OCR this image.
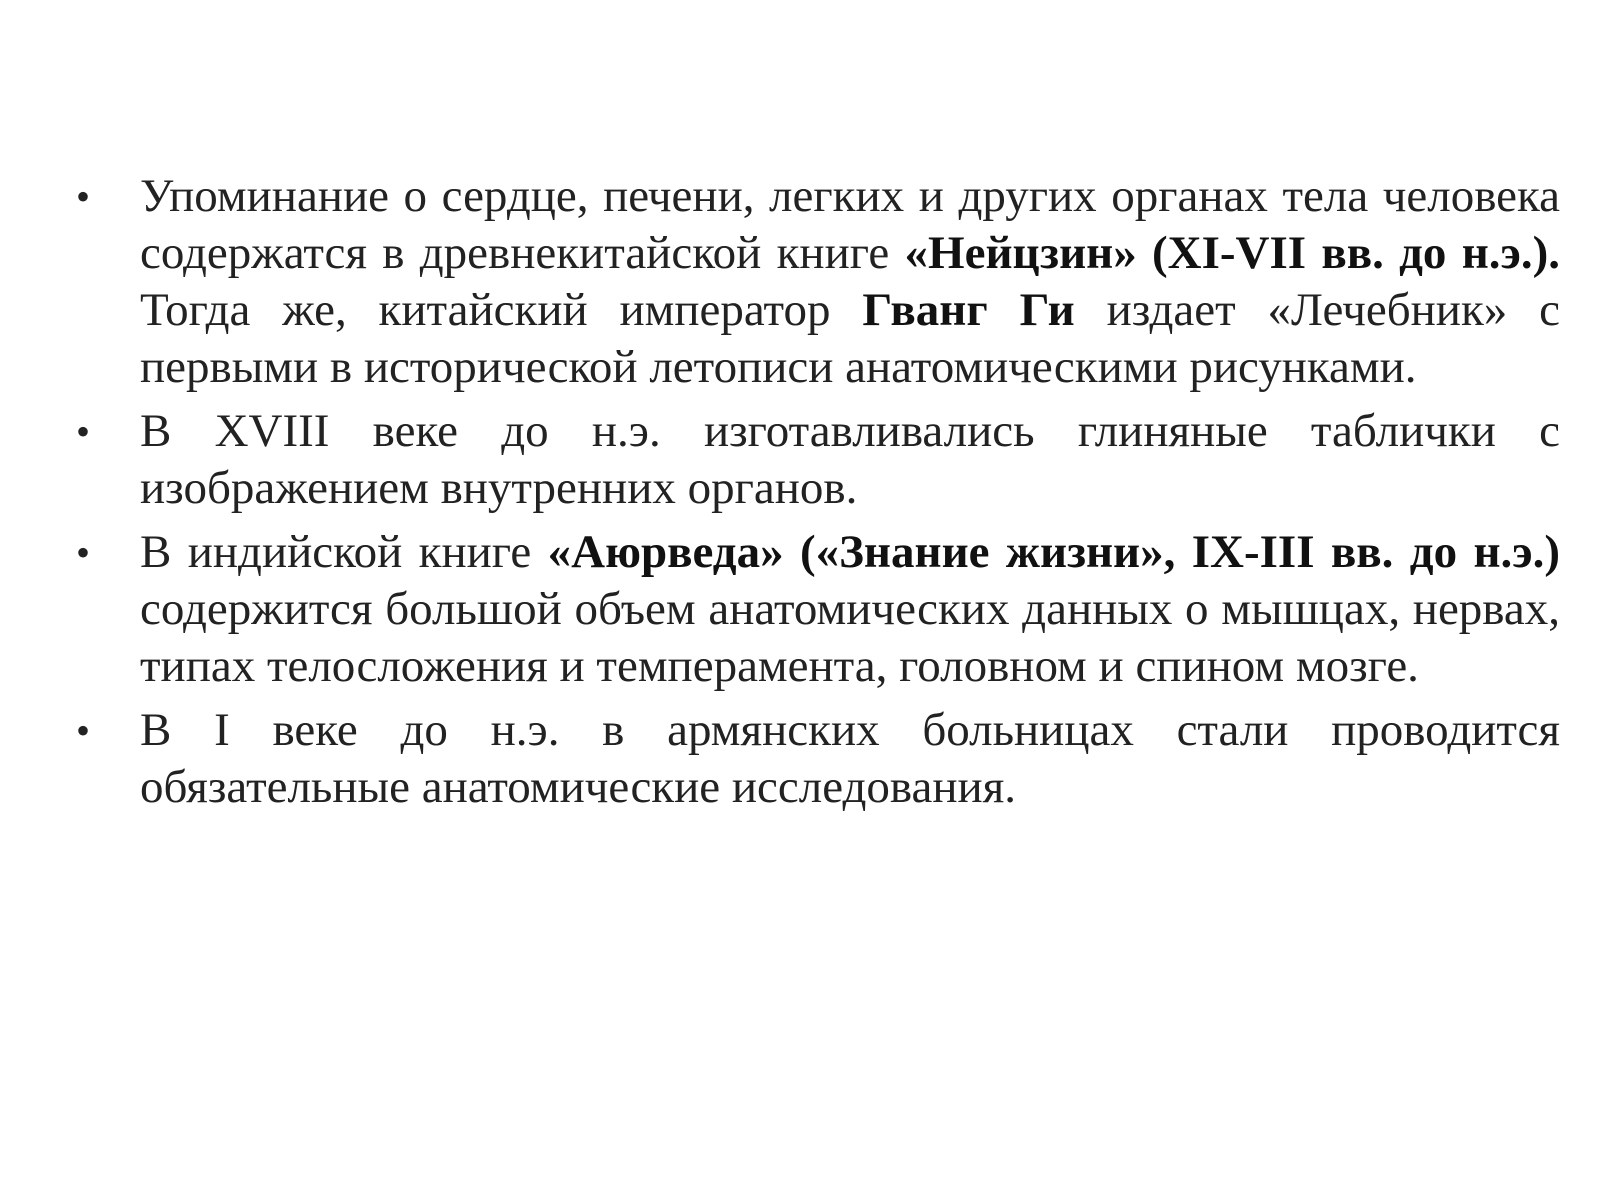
•	Упоминание о сердце, печени, легких и других органах тела человека содержатся в древнекитайской книге «Нейцзин» (XI-VII вв. до н.э.). Тогда же, китайский император Гванг Ги издает «Лечебник» с первыми в исторической летописи анатомическими рисунками.
•	В XVIII веке до н.э. изготавливались глиняные таблички с изображением внутренних органов.
•	В индийской книге «Аюрведа» («Знание жизни», IX-III вв. до н.э.) содержится большой объем анатомических данных о мышцах, нервах, типах телосложения и темперамента, головном и спином мозге.
•	В I веке до н.э. в армянских больницах стали проводится обязательные анатомические исследования.
